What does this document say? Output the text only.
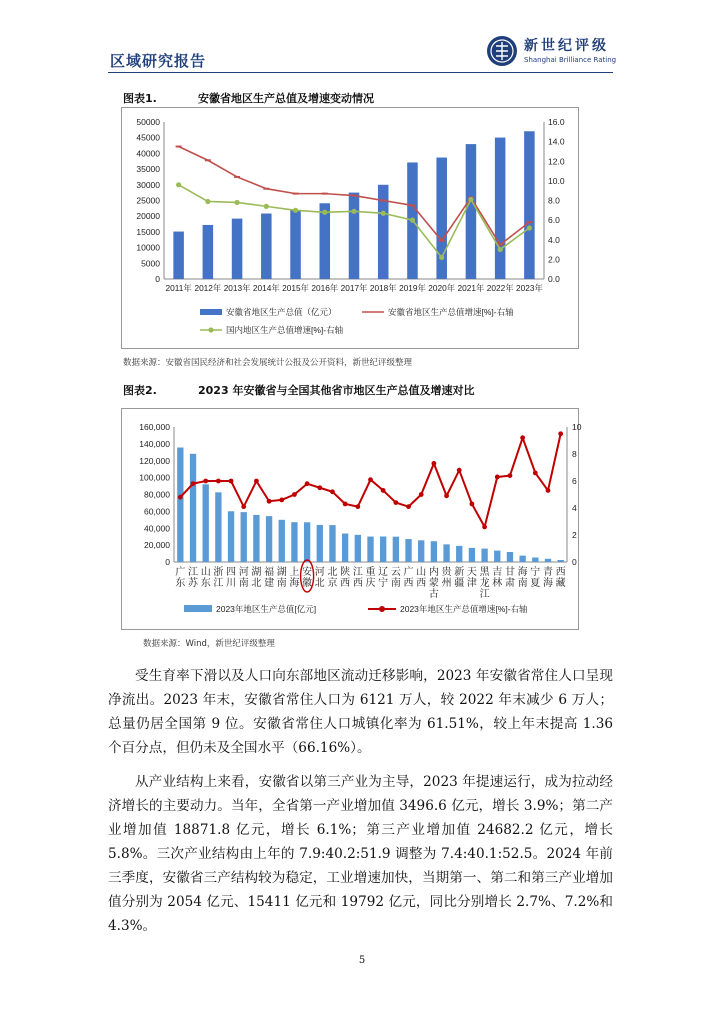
区域研究报告
新世纪评级
Shanghai Brilliance Rating
图表1.	安徽省地区生产总值及增速变动情况
0
5000
10000
15000
20000
25000
30000
35000
40000
45000
50000
0.0
2.0
4.0
6.0
8.0
10.0
12.0
14.0
16.0
2011年 2012年 2013年 2014年 2015年 2016年 2017年 2018年 2019年 2020年 2021年 2022年 2023年
安徽省地区生产总值（亿元）	安徽省地区生产总值增速[%]-右轴
国内地区生产总值增速[%]-右轴
数据来源：安徽省国民经济和社会发展统计公报及公开资料，新世纪评级整理
图表2.	2023 年安徽省与全国其他省市地区生产总值及增速对比
0
20,000
40,000
60,000
80,000
100,000
120,000
140,000
160,000
0
2
4
6
8
10
广东
江苏
山东
浙江
四川
河南
湖北
福建
湖南
上海
安徽
河北
北京
陕西
江西
重庆
辽宁
云南
广西
山西
内蒙古
贵州
新疆
天津
黑龙江
吉林
甘肃
海南
宁夏
青海
西藏
2023年地区生产总值[亿元]	2023年地区生产总值增速[%]-右轴
数据来源：Wind，新世纪评级整理
受生育率下滑以及人口向东部地区流动迁移影响，2023 年安徽省常住人口呈现净流出。2023 年末，安徽省常住人口为 6121 万人，较 2022 年末减少 6 万人；总量仍居全国第 9 位。安徽省常住人口城镇化率为 61.51%，较上年末提高 1.36 个百分点，但仍未及全国水平（66.16%）。
从产业结构上来看，安徽省以第三产业为主导，2023 年提速运行，成为拉动经济增长的主要动力。当年，全省第一产业增加值 3496.6 亿元，增长 3.9%；第二产业增加值 18871.8 亿元，增长 6.1%；第三产业增加值 24682.2 亿元，增长 5.8%。三次产业结构由上年的 7.9:40.2:51.9 调整为 7.4:40.1:52.5。2024 年前三季度，安徽省三产结构较为稳定，工业增速加快，当期第一、第二和第三产业增加值分别为 2054 亿元、15411 亿元和 19792 亿元，同比分别增长 2.7%、7.2%和 4.3%。
5
